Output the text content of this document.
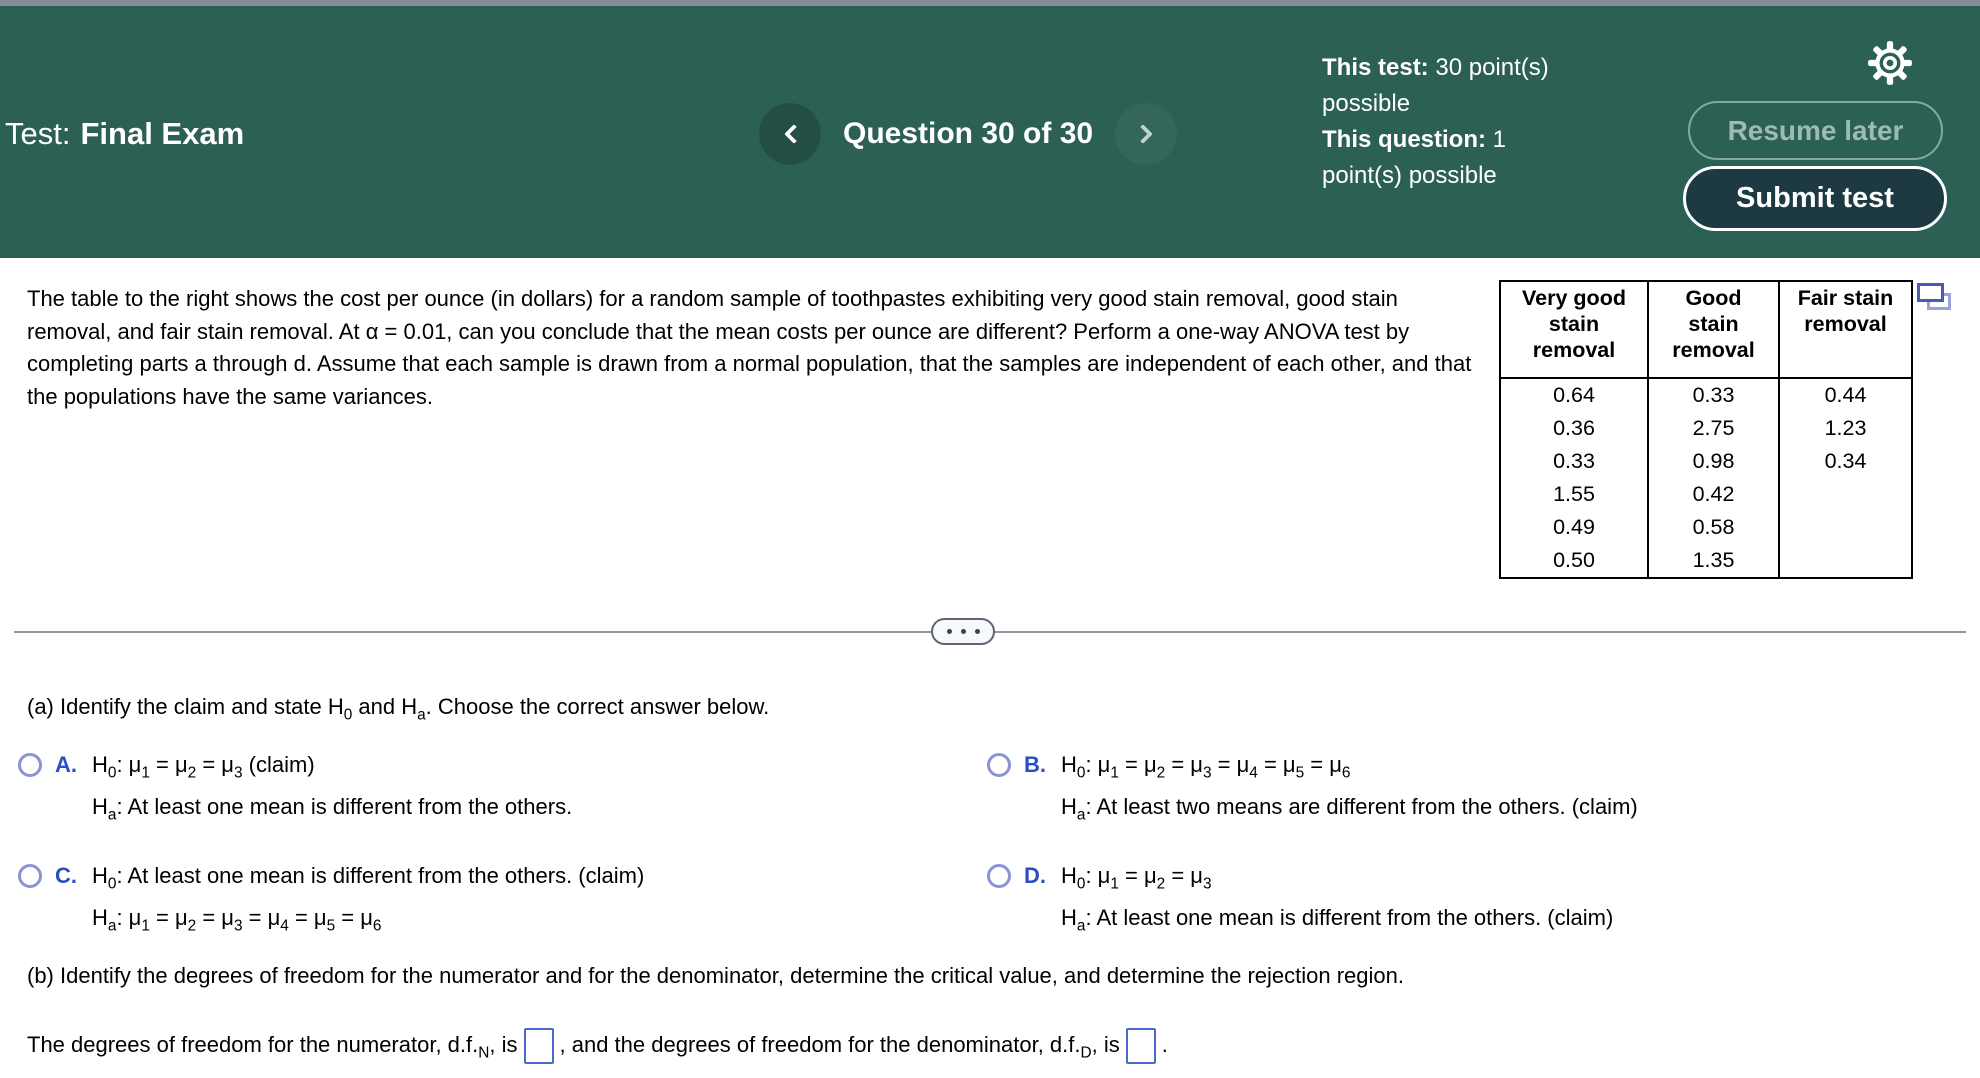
Test: Final Exam	Question 30 of 30
This test: 30 point(s) possible
This question: 1 point(s) possible
Resume later
Submit test
The table to the right shows the cost per ounce (in dollars) for a random sample of toothpastes exhibiting very good stain removal, good stain removal, and fair stain removal. At α = 0.01, can you conclude that the mean costs per ounce are different? Perform a one-way ANOVA test by completing parts a through d. Assume that each sample is drawn from a normal population, that the samples are independent of each other, and that the populations have the same variances.
Very good stain removal	Good stain removal	Fair stain removal
0.64	0.33	0.44
0.36	2.75	1.23
0.33	0.98	0.34
1.55	0.42	
0.49	0.58	
0.50	1.35	
(a) Identify the claim and state $H_0$ and $H_a$. Choose the correct answer below.
A. $H_0$: $\mu_1 = \mu_2 = \mu_3$ (claim)
$H_a$: At least one mean is different from the others.
B. $H_0$: $\mu_1 = \mu_2 = \mu_3 = \mu_4 = \mu_5 = \mu_6$
$H_a$: At least two means are different from the others. (claim)
C. $H_0$: At least one mean is different from the others. (claim)
$H_a$: $\mu_1 = \mu_2 = \mu_3 = \mu_4 = \mu_5 = \mu_6$
D. $H_0$: $\mu_1 = \mu_2 = \mu_3$
$H_a$: At least one mean is different from the others. (claim)
(b) Identify the degrees of freedom for the numerator and for the denominator, determine the critical value, and determine the rejection region.
The degrees of freedom for the numerator, $d.f._N$, is , and the degrees of freedom for the denominator, $d.f._D$, is .
